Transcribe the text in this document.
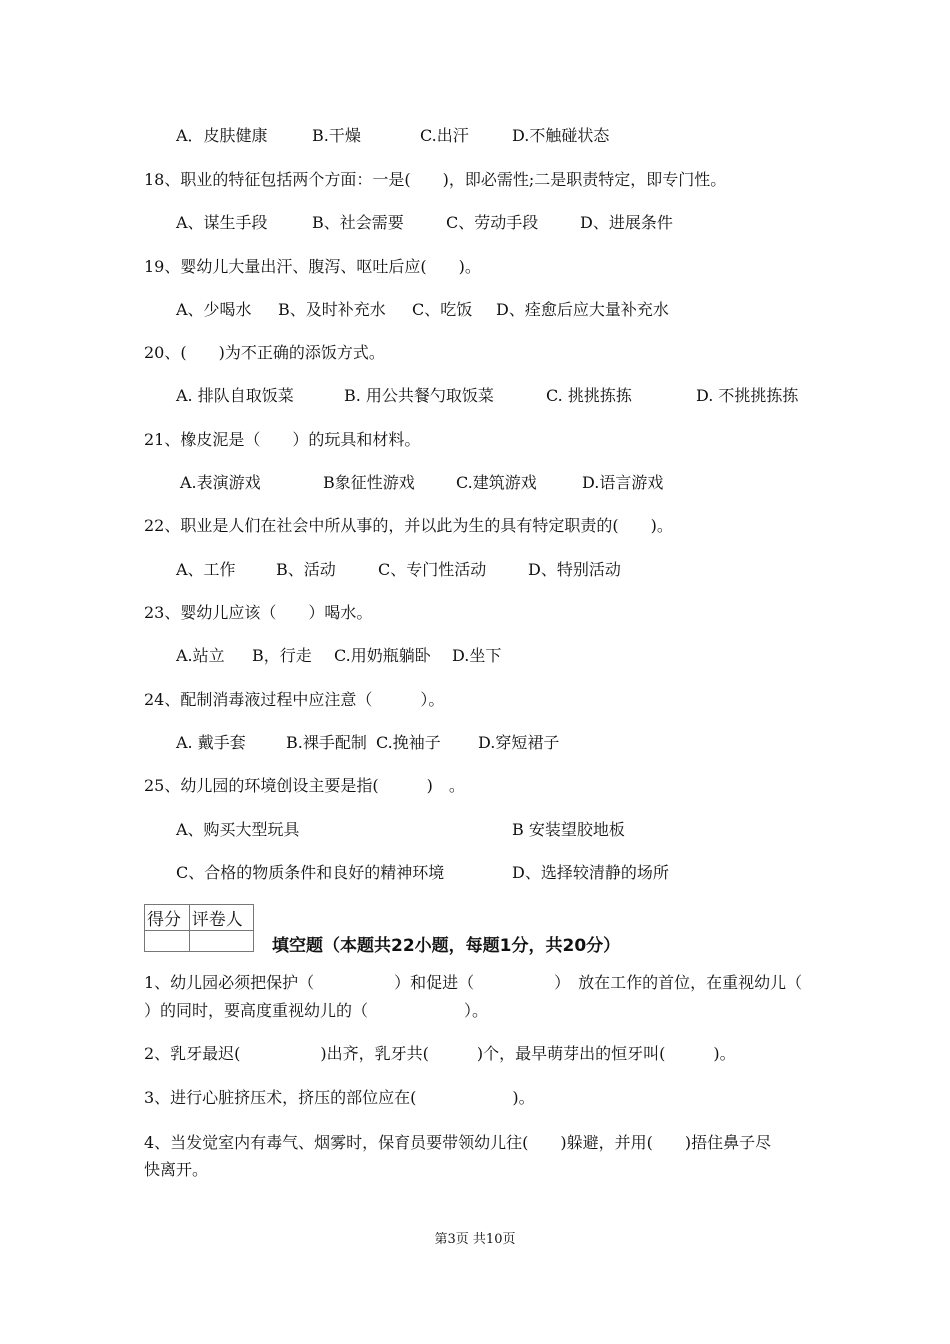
A．皮肤健康	B.干燥	C.出汗	D.不触碰状态
18、职业的特征包括两个方面：一是(　　)，即必需性;二是职责特定，即专门性。
A、谋生手段	B、社会需要	C、劳动手段	D、进展条件
19、婴幼儿大量出汗、腹泻、呕吐后应(　　)。
A、少喝水 B、及时补充水 C、吃饭 D、痊愈后应大量补充水
20、(　　)为不正确的添饭方式。
A. 排队自取饭菜	B. 用公共餐勺取饭菜	C. 挑挑拣拣	D. 不挑挑拣拣
21、橡皮泥是（　　）的玩具和材料。
A.表演游戏	B象征性游戏	C.建筑游戏	D.语言游戏
22、职业是人们在社会中所从事的，并以此为生的具有特定职责的(　　)。
A、工作	B、活动	C、专门性活动	D、特别活动
23、婴幼儿应该（　　）喝水。
A.站立 B，行走 C.用奶瓶躺卧 D.坐下
24、配制消毒液过程中应注意（　　　）。
A. 戴手套	B.裸手配制 C.挽袖子 D.穿短裙子
25、幼儿园的环境创设主要是指(　　　)　。
A、购买大型玩具	B 安装望胶地板
C、合格的物质条件和良好的精神环境	D、选择较清静的场所
得分	评卷人

填空题（本题共22小题，每题1分，共20分）
1、幼儿园必须把保护（　　　　　）和促进（　　　　　）　放在工作的首位，在重视幼儿（
）的同时，要高度重视幼儿的（　　　　　　）。
2、乳牙最迟(　　　　　)出齐，乳牙共(　　　)个，最早萌芽出的恒牙叫(　　　)。
3、进行心脏挤压术，挤压的部位应在(　　　　　　)。
4、当发觉室内有毒气、烟雾时，保育员要带领幼儿往(　　)躲避，并用(　　)捂住鼻子尽
快离开。
第3页 共10页
